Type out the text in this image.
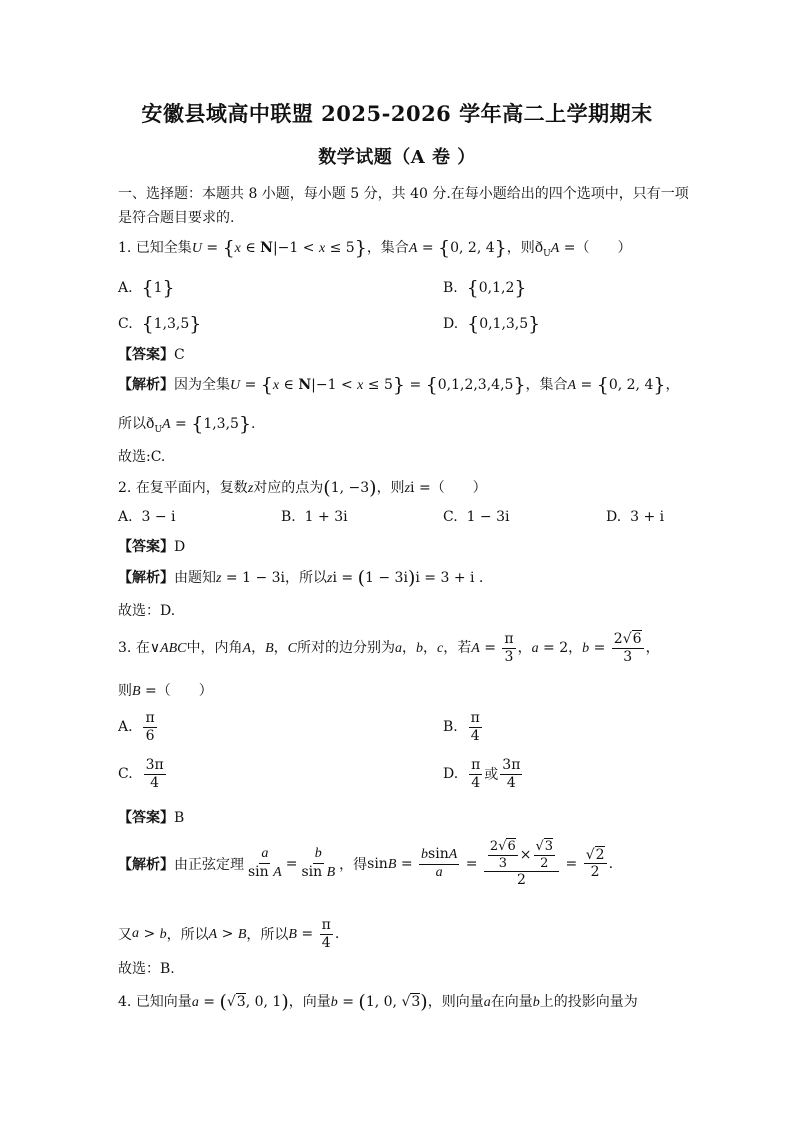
安徽县域高中联盟 2025-2026 学年高二上学期期末
数学试题（A 卷 ）
一、选择题：本题共 8 小题，每小题 5 分，共 40 分.在每小题给出的四个选项中，只有一项
是符合题目要求的.
1. 已知全集U = {x ∈ N|−1 < x ≤ 5}，集合A = {0, 2, 4}，则$ð_UA$ =（　　）
A. {1}	B. {0,1,2}
C. {1,3,5}	D. {0,1,3,5}
【答案】C
【解析】因为全集U = {x ∈ N|−1 < x ≤ 5} = {0,1,2,3,4,5}，集合A = {0, 2, 4}，
所以$ð_UA = \{1,3,5\}$.
故选:C.
2. 在复平面内，复数z对应的点为(1, −3)，则zi =（　　）
A.  3 − i	B.  1 + 3i	C.  1 − 3i	D.  3 + i
【答案】D
【解析】由题知z = 1 − 3i，所以zi = (1 − 3i)i = 3 + i .
故选：D.
3. 在∨ABC中，内角A，B，C所对的边分别为a，b，c，若$A = \frac{\pi}{3}$ ，a = 2，$b = \frac{2√6}{3}$ ，
则B =（　　）
A. $\frac{\pi}{6}$	B. $\frac{\pi}{4}$
C. $\frac{3\pi}{4}$	D. $\frac{\pi}{4}$ 或 $\frac{3\pi}{4}$
【答案】B
【解析】由正弦定理 $\frac{a}{\text{sin A}} = \frac{b}{\text{sin B}}$ ，得$\sin B = \frac{bsinA}{a} = \frac{\frac{2√6}{3} \times \frac{√3}{2}}{2} = \frac{√2}{2}$ .
又a > b，所以A > B，所以$B = \frac{\pi}{4}$ .
故选：B.
4. 已知向量a = (√3, 0, 1)，向量b = (1, 0, √3)，则向量a在向量b上的投影向量为
